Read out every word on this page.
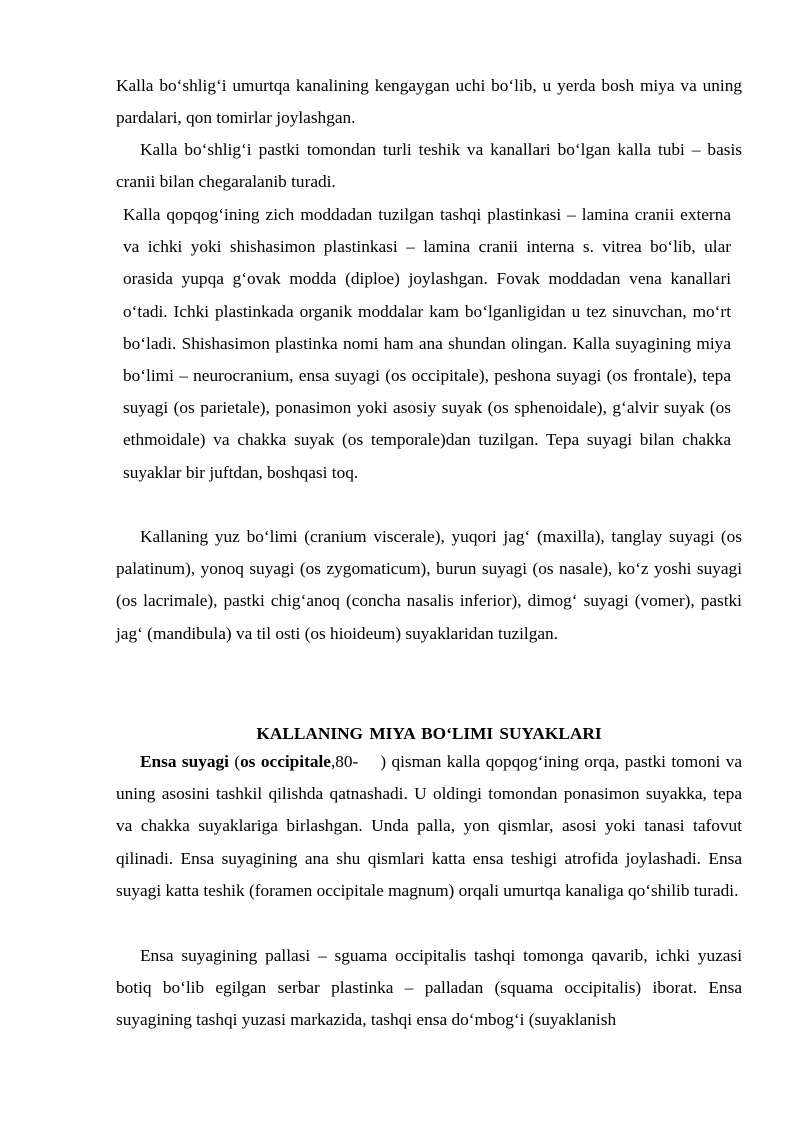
Kalla bo‘shlig‘i umurtqa kanalining kengaygan uchi bo‘lib, u yerda bosh miya va uning pardalari, qon tomirlar joylashgan.
Kalla bo‘shlig‘i pastki tomondan turli teshik va kanallari bo‘lgan kalla tubi – basis cranii bilan chegaralanib turadi.
Kalla qopqog‘ining zich moddadan tuzilgan tashqi plastinkasi – lamina cranii externa va ichki yoki shishasimon plastinkasi – lamina cranii interna s. vitrea bo‘lib, ular orasida yupqa g‘ovak modda (diploe) joylashgan. Fovak moddadan vena kanallari o‘tadi. Ichki plastinkada organik moddalar kam bo‘lganligidan u tez sinuvchan, mo‘rt bo‘ladi. Shishasimon plastinka nomi ham ana shundan olingan. Kalla suyagining miya bo‘limi – neurocranium, ensa suyagi (os occipitale), peshona suyagi (os frontale), tepa suyagi (os parietale), ponasimon yoki asosiy suyak (os sphenoidale), g‘alvir suyak (os ethmoidale) va chakka suyak (os temporale)dan tuzilgan. Tepa suyagi bilan chakka suyaklar bir juftdan, boshqasi toq.
Kallaning yuz bo‘limi (cranium viscerale), yuqori jag‘ (maxilla), tanglay suyagi (os palatinum), yonoq suyagi (os zygomaticum), burun suyagi (os nasale), ko‘z yoshi suyagi (os lacrimale), pastki chig‘anoq (concha nasalis inferior), dimog‘ suyagi (vomer), pastki jag‘ (mandibula) va til osti (os hioideum) suyaklaridan tuzilgan.
KALLANING MIYA BO‘LIMI SUYAKLARI
Ensa suyagi (os occipitale,80- ) qisman kalla qopqog‘ining orqa, pastki tomoni va uning asosini tashkil qilishda qatnashadi. U oldingi tomondan ponasimon suyakka, tepa va chakka suyaklariga birlashgan. Unda palla, yon qismlar, asosi yoki tanasi tafovut qilinadi. Ensa suyagining ana shu qismlari katta ensa teshigi atrofida joylashadi. Ensa suyagi katta teshik (foramen occipitale magnum) orqali umurtqa kanaliga qo‘shilib turadi.
Ensa suyagining pallasi – sguama occipitalis tashqi tomonga qavarib, ichki yuzasi botiq bo‘lib egilgan serbar plastinka – palladan (squama occipitalis) iborat. Ensa suyagining tashqi yuzasi markazida, tashqi ensa do‘mbog‘i (suyaklanish
